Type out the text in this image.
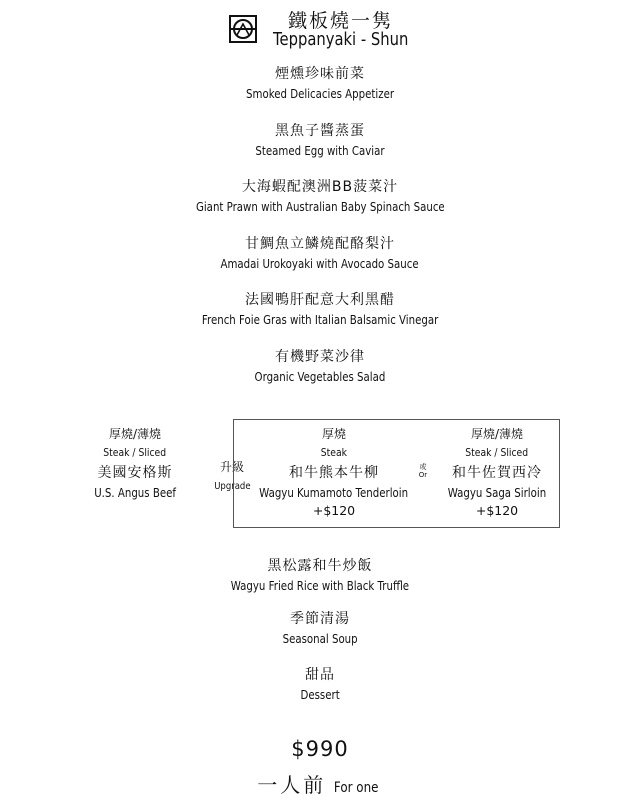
鐵板燒一隽
Teppanyaki - Shun
煙燻珍味前菜
Smoked Delicacies Appetizer
黑魚子醬蒸蛋
Steamed Egg with Caviar
大海蝦配澳洲BB菠菜汁
Giant Prawn with Australian Baby Spinach Sauce
甘鯛魚立鱗燒配酪梨汁
Amadai Urokoyaki with Avocado Sauce
法國鴨肝配意大利黑醋
French Foie Gras with Italian Balsamic Vinegar
有機野菜沙律
Organic Vegetables Salad
厚燒/薄燒
Steak / Sliced
美國安格斯
U.S. Angus Beef
升級
Upgrade
厚燒
Steak
和牛熊本牛柳
Wagyu Kumamoto Tenderloin
+$120
或
Or
厚燒/薄燒
Steak / Sliced
和牛佐賀西冷
Wagyu Saga Sirloin
+$120
黑松露和牛炒飯
Wagyu Fried Rice with Black Truffle
季節清湯
Seasonal Soup
甜品
Dessert
$990
一人前 For one
